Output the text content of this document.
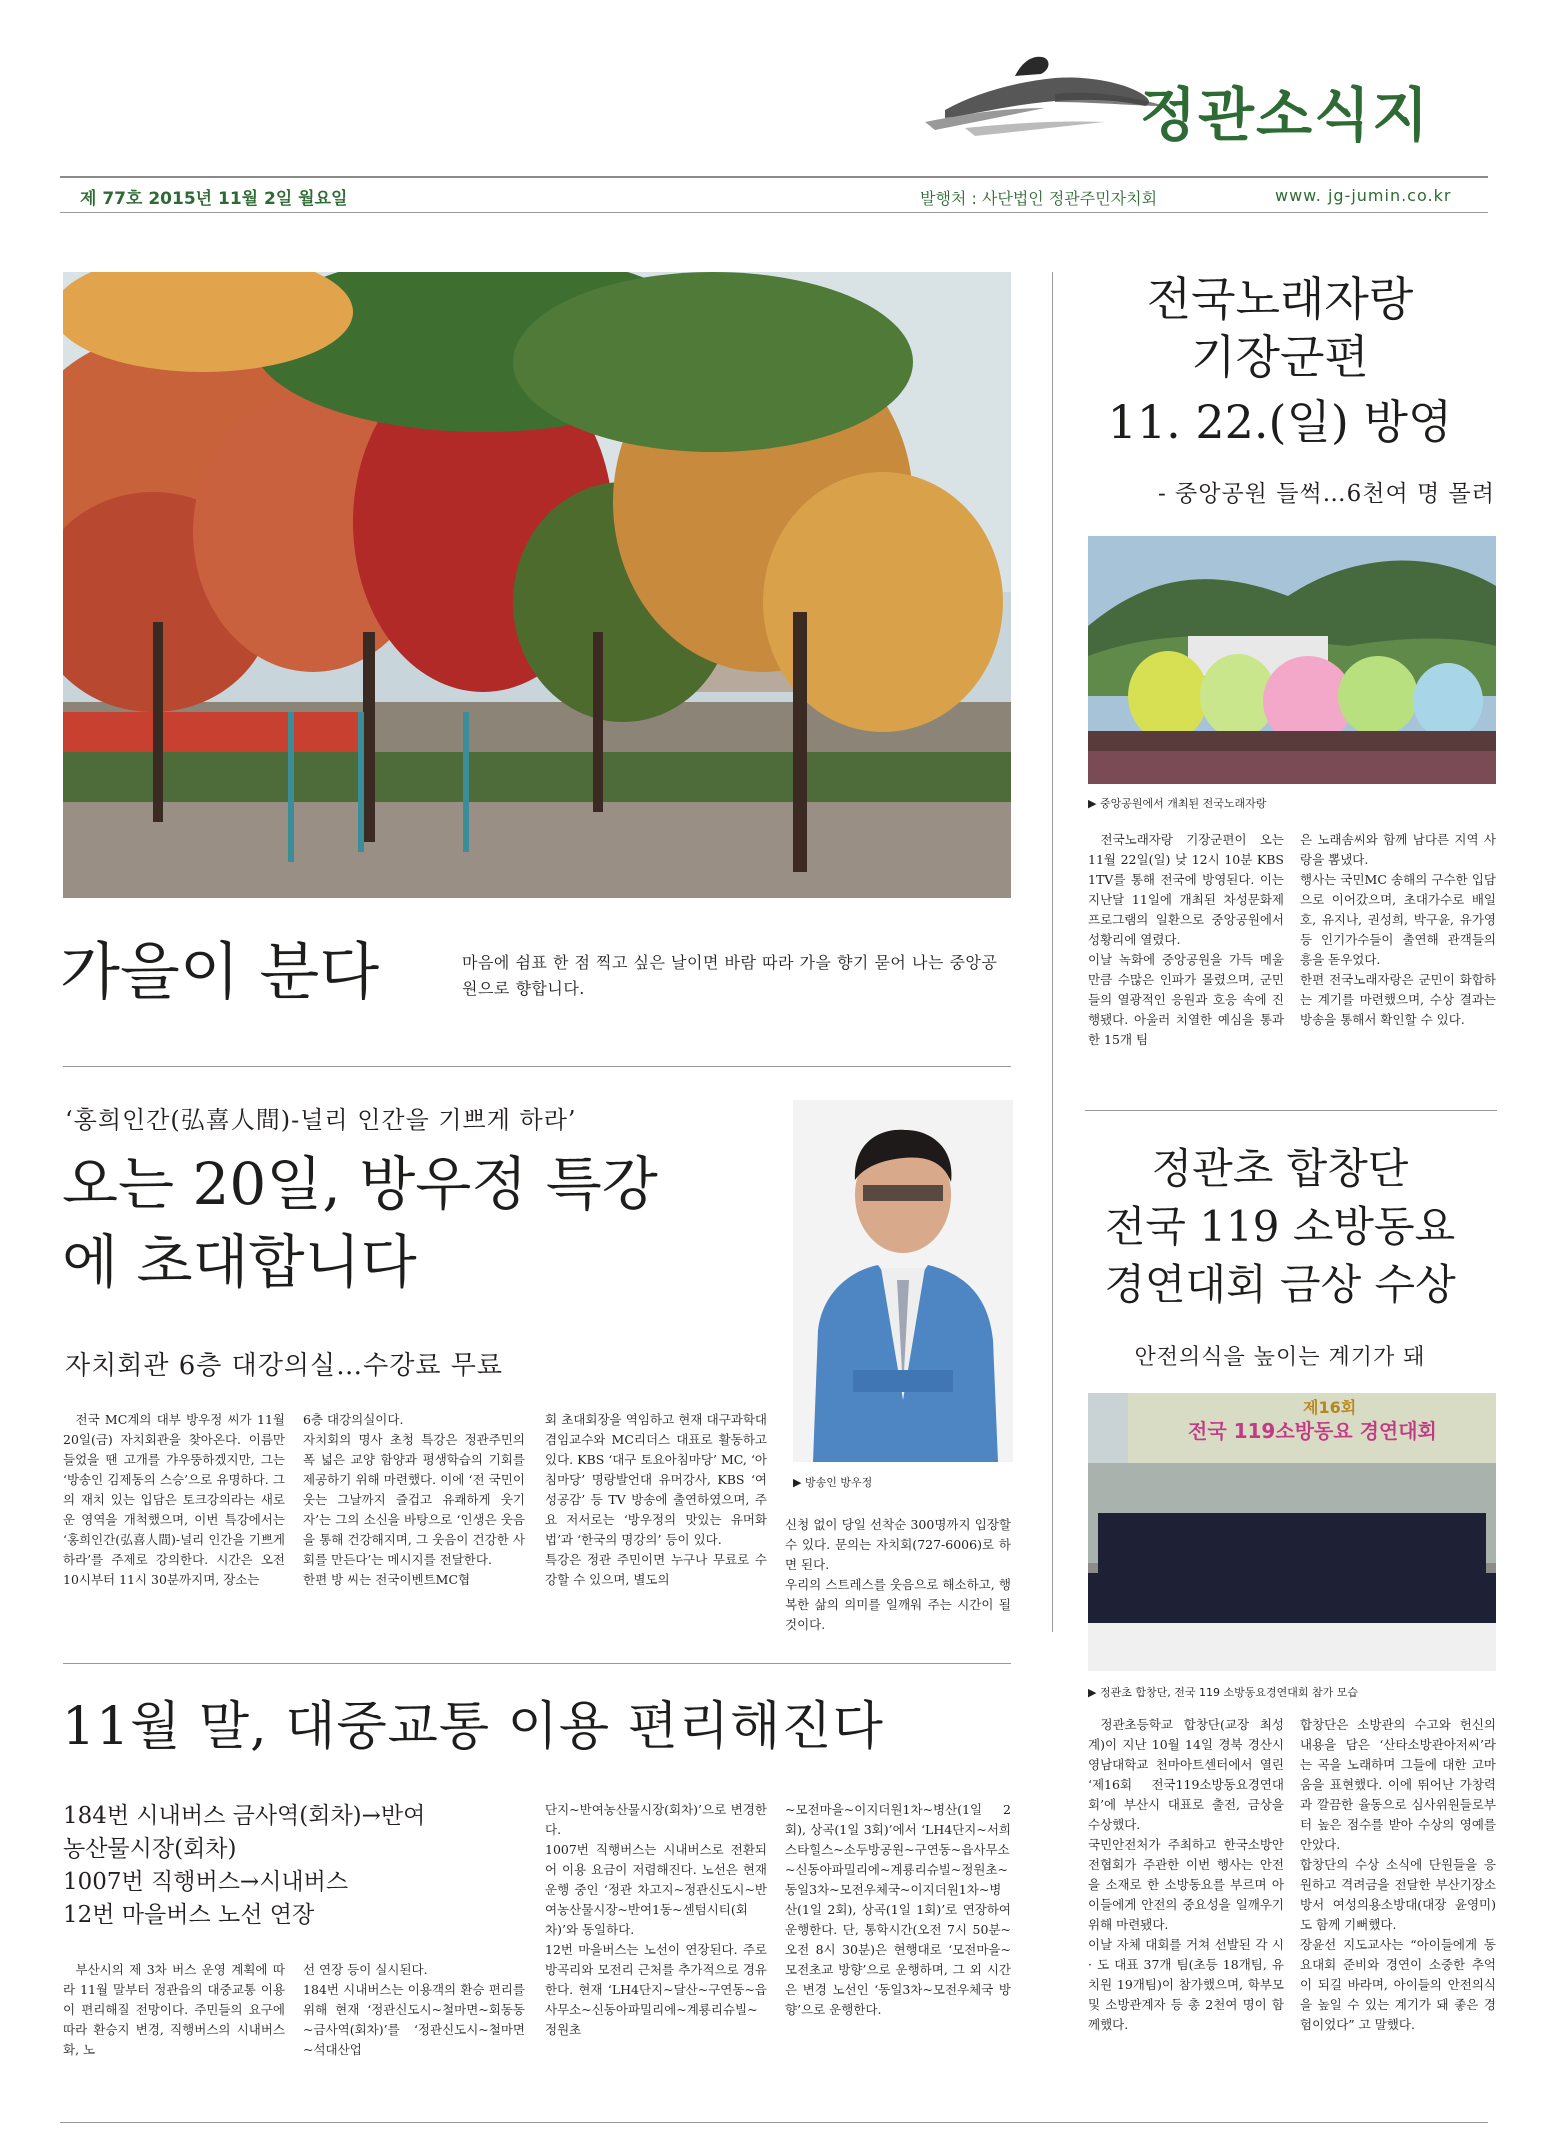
정관소식지
제 77호 2015년 11월 2일 월요일	발행처 : 사단법인 정관주민자치회	www. jg-jumin.co.kr
가을이 분다	마음에 쉼표 한 점 찍고 싶은 날이면 바람 따라 가을 향기 묻어 나는 중앙공원으로 향합니다.
전국노래자랑
기장군편
11. 22.(일) 방영
- 중앙공원 들썩…6천여 명 몰려
▶ 중앙공원에서 개최된 전국노래자랑
전국노래자랑 기장군편이 오는 11월 22일(일) 낮 12시 10분 KBS 1TV를 통해 전국에 방영된다. 이는 지난달 11일에 개최된 차성문화제 프로그램의 일환으로 중앙공원에서 성황리에 열렸다.
이날 녹화에 중앙공원을 가득 메울 만큼 수많은 인파가 몰렸으며, 군민들의 열광적인 응원과 호응 속에 진행됐다. 아울러 치열한 예심을 통과한 15개 팀
은 노래솜씨와 함께 남다른 지역 사랑을 뽐냈다.
행사는 국민MC 송해의 구수한 입담으로 이어갔으며, 초대가수로 배일호, 유지나, 권성희, 박구윤, 유가영 등 인기가수들이 출연해 관객들의 흥을 돋우었다.
한편 전국노래자랑은 군민이 화합하는 계기를 마련했으며, 수상 결과는 방송을 통해서 확인할 수 있다.
‘홍희인간(弘喜人間)-널리 인간을 기쁘게 하라’
오는 20일, 방우정 특강
에 초대합니다
자치회관 6층 대강의실…수강료 무료
▶ 방송인 방우정
전국 MC계의 대부 방우정 씨가 11월 20일(금) 자치회관을 찾아온다. 이름만 들었을 땐 고개를 갸우뚱하겠지만, 그는 ‘방송인 김제동의 스승’으로 유명하다. 그의 재치 있는 입담은 토크강의라는 새로운 영역을 개척했으며, 이번 특강에서는 ‘홍희인간(弘喜人間)-널리 인간을 기쁘게 하라’를 주제로 강의한다. 시간은 오전 10시부터 11시 30분까지며, 장소는
6층 대강의실이다.
자치회의 명사 초청 특강은 정관주민의 폭 넓은 교양 함양과 평생학습의 기회를 제공하기 위해 마련했다. 이에 ‘전 국민이 웃는 그날까지 즐겁고 유쾌하게 웃기자’는 그의 소신을 바탕으로 ‘인생은 웃음을 통해 건강해지며, 그 웃음이 건강한 사회를 만든다’는 메시지를 전달한다.
한편 방 씨는 전국이벤트MC협
회 초대회장을 역임하고 현재 대구과학대 겸임교수와 MC리더스 대표로 활동하고 있다. KBS ‘대구 토요아침마당’ MC, ‘아침마당’ 명랑발언대 유머강사, KBS ‘여성공감’ 등 TV 방송에 출연하였으며, 주요 저서로는 ‘방우정의 맛있는 유머화법’과 ‘한국의 명강의’ 등이 있다.
특강은 정관 주민이면 누구나 무료로 수강할 수 있으며, 별도의
신청 없이 당일 선착순 300명까지 입장할 수 있다. 문의는 자치회(727-6006)로 하면 된다.
우리의 스트레스를 웃음으로 해소하고, 행복한 삶의 의미를 일깨워 주는 시간이 될 것이다.
정관초 합창단
전국 119 소방동요
경연대회 금상 수상
안전의식을 높이는 계기가 돼
제16회
전국 119소방동요 경연대회
▶ 정관초 합창단, 전국 119 소방동요경연대회 참가 모습
정관초등학교 합창단(교장 최성계)이 지난 10월 14일 경북 경산시 영남대학교 천마아트센터에서 열린 ‘제16회 전국119소방동요경연대회’에 부산시 대표로 출전, 금상을 수상했다.
국민안전처가 주최하고 한국소방안전협회가 주관한 이번 행사는 안전을 소재로 한 소방동요를 부르며 아이들에게 안전의 중요성을 일깨우기 위해 마련됐다.
이날 자체 대회를 거쳐 선발된 각 시 · 도 대표 37개 팀(초등 18개팀, 유치원 19개팀)이 참가했으며, 학부모 및 소방관계자 등 총 2천여 명이 함께했다.
합창단은 소방관의 수고와 헌신의 내용을 담은 ‘산타소방관아저씨’라는 곡을 노래하며 그들에 대한 고마움을 표현했다. 이에 뛰어난 가창력과 깔끔한 율동으로 심사위원들로부터 높은 점수를 받아 수상의 영예를 안았다.
합창단의 수상 소식에 단원들을 응원하고 격려금을 전달한 부산기장소방서 여성의용소방대(대장 윤영미)도 함께 기뻐했다.
장윤선 지도교사는 “아이들에게 동요대회 준비와 경연이 소중한 추억이 되길 바라며, 아이들의 안전의식을 높일 수 있는 계기가 돼 좋은 경험이었다” 고 말했다.
11월 말, 대중교통 이용 편리해진다
184번 시내버스 금사역(회차)→반여
농산물시장(회차)
1007번 직행버스→시내버스
12번 마을버스 노선 연장
부산시의 제 3차 버스 운영 계획에 따라 11월 말부터 정관읍의 대중교통 이용이 편리해질 전망이다. 주민들의 요구에 따라 환승지 변경, 직행버스의 시내버스화, 노
선 연장 등이 실시된다.
184번 시내버스는 이용객의 환승 편리를 위해 현재 ‘정관신도시~철마면~회동동~금사역(회차)’를 ‘정관신도시~철마면~석대산업
단지~반여농산물시장(회차)’으로 변경한다.
1007번 직행버스는 시내버스로 전환되어 이용 요금이 저렴해진다. 노선은 현재 운행 중인 ‘정관 차고지~정관신도시~반여농산물시장~반여1동~센텀시티(회차)’와 동일하다.
12번 마을버스는 노선이 연장된다. 주로 방곡리와 모전리 근처를 추가적으로 경유한다. 현재 ‘LH4단지~달산~구연동~읍사무소~신동아파밀리에~계룡리슈빌~정원초
~모전마을~이지더원1차~병산(1일 2회), 상곡(1일 3회)’에서 ‘LH4단지~서희스타힐스~소두방공원~구연동~읍사무소~신동아파밀리에~계룡리슈빌~정원초~동일3차~모전우체국~이지더원1차~병산(1일 2회), 상곡(1일 1회)’로 연장하여 운행한다. 단, 통학시간(오전 7시 50분~오전 8시 30분)은 현행대로 ‘모전마을~모전초교 방향’으로 운행하며, 그 외 시간은 변경 노선인 ‘동일3차~모전우체국 방향’으로 운행한다.
